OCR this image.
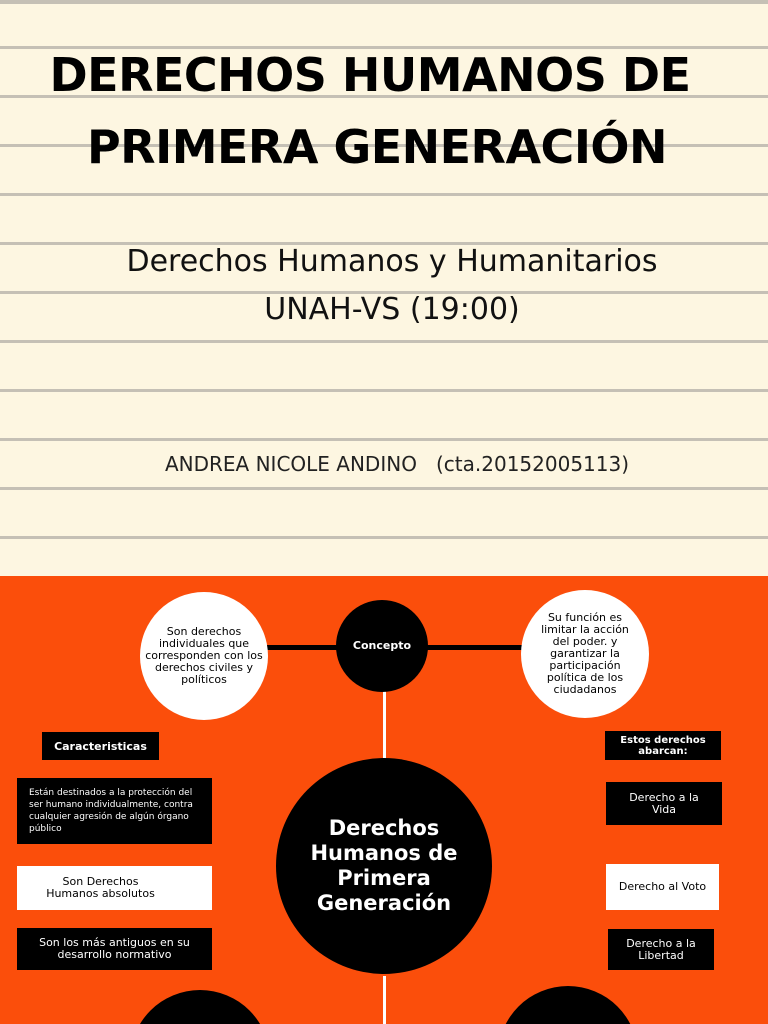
DERECHOS HUMANOS DE
PRIMERA GENERACIÓN
Derechos Humanos y Humanitarios
UNAH-VS (19:00)
ANDREA NICOLE ANDINO   (cta.20152005113)
Son derechos individuales que corresponden con los derechos civiles y políticos
Concepto
Su función es limitar la acción del poder. y garantizar la participación política de los ciudadanos
Derechos Humanos de Primera Generación
Caracteristicas
Están destinados a la protección del ser humano individualmente, contra cualquier agresión de algún órgano público
Son Derechos Humanos absolutos
Son los más antiguos en su desarrollo normativo
Estos derechos abarcan:
Derecho a la Vida
Derecho al Voto
Derecho a la Libertad
